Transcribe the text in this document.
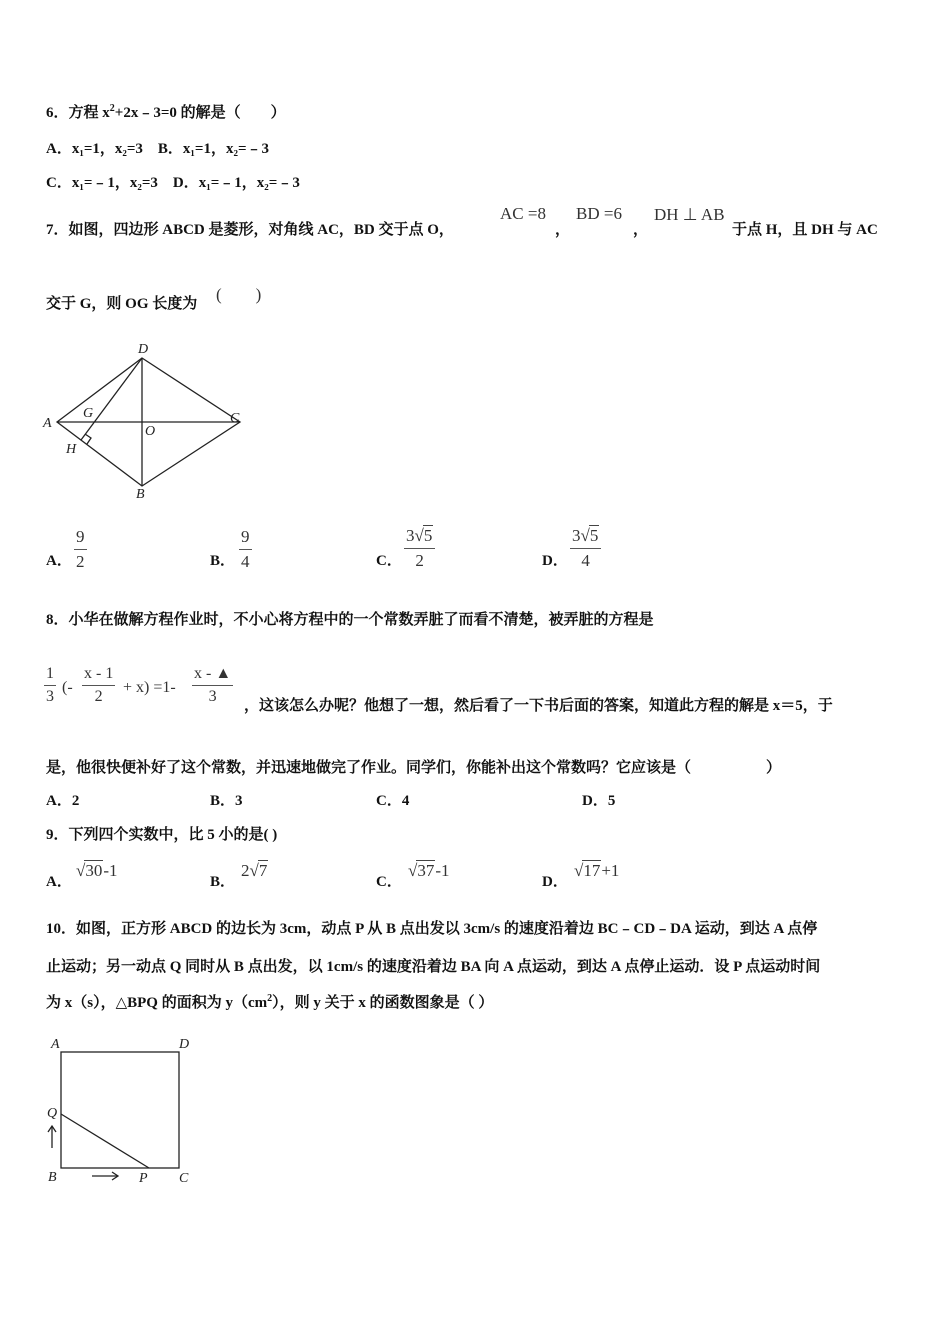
6．方程 $x^2+2x﹣3=0$ 的解是（　　）
A．x₁=1，x₂=3　B．x₁=1，x₂=﹣3
C．x₁=﹣1，x₂=3　D．x₁=﹣1，x₂=﹣3
7．如图，四边形 ABCD 是菱形，对角线 AC，BD 交于点 O，
AC =8
，
BD =6
，
DH ⊥ AB
于点 H，且 DH 与 AC
交于 G，则 OG 长度为 (　　)
D
A
G
O
C
H
B
A．
9
2	B．
9
4	C．
3√5
2	D．
3√5
4
8．小华在做解方程作业时，不小心将方程中的一个常数弄脏了而看不清楚，被弄脏的方程是
1
3
(-
x - 1
2
+ x) =1-
x - ▲
3
，这该怎么办呢？他想了一想，然后看了一下书后面的答案，知道此方程的解是 x＝5，于
是，他很快便补好了这个常数，并迅速地做完了作业。同学们，你能补出这个常数吗？它应该是（　　　　　）
A．2	B．3	C．4	D．5
9．下列四个实数中，比 5 小的是( )
A．
√30-1
B．
2√7
C．
√37-1
D．
√17+1
10．如图，正方形 ABCD 的边长为 3cm，动点 P 从 B 点出发以 3cm/s 的速度沿着边 BC﹣CD﹣DA 运动，到达 A 点停
止运动；另一动点 Q 同时从 B 点出发，以 1cm/s 的速度沿着边 BA 向 A 点运动，到达 A 点停止运动．设 P 点运动时间
为 x（s），△BPQ 的面积为 $y(cm^2)$，则 y 关于 x 的函数图象是（ ）
A	D
Q
B	P C
